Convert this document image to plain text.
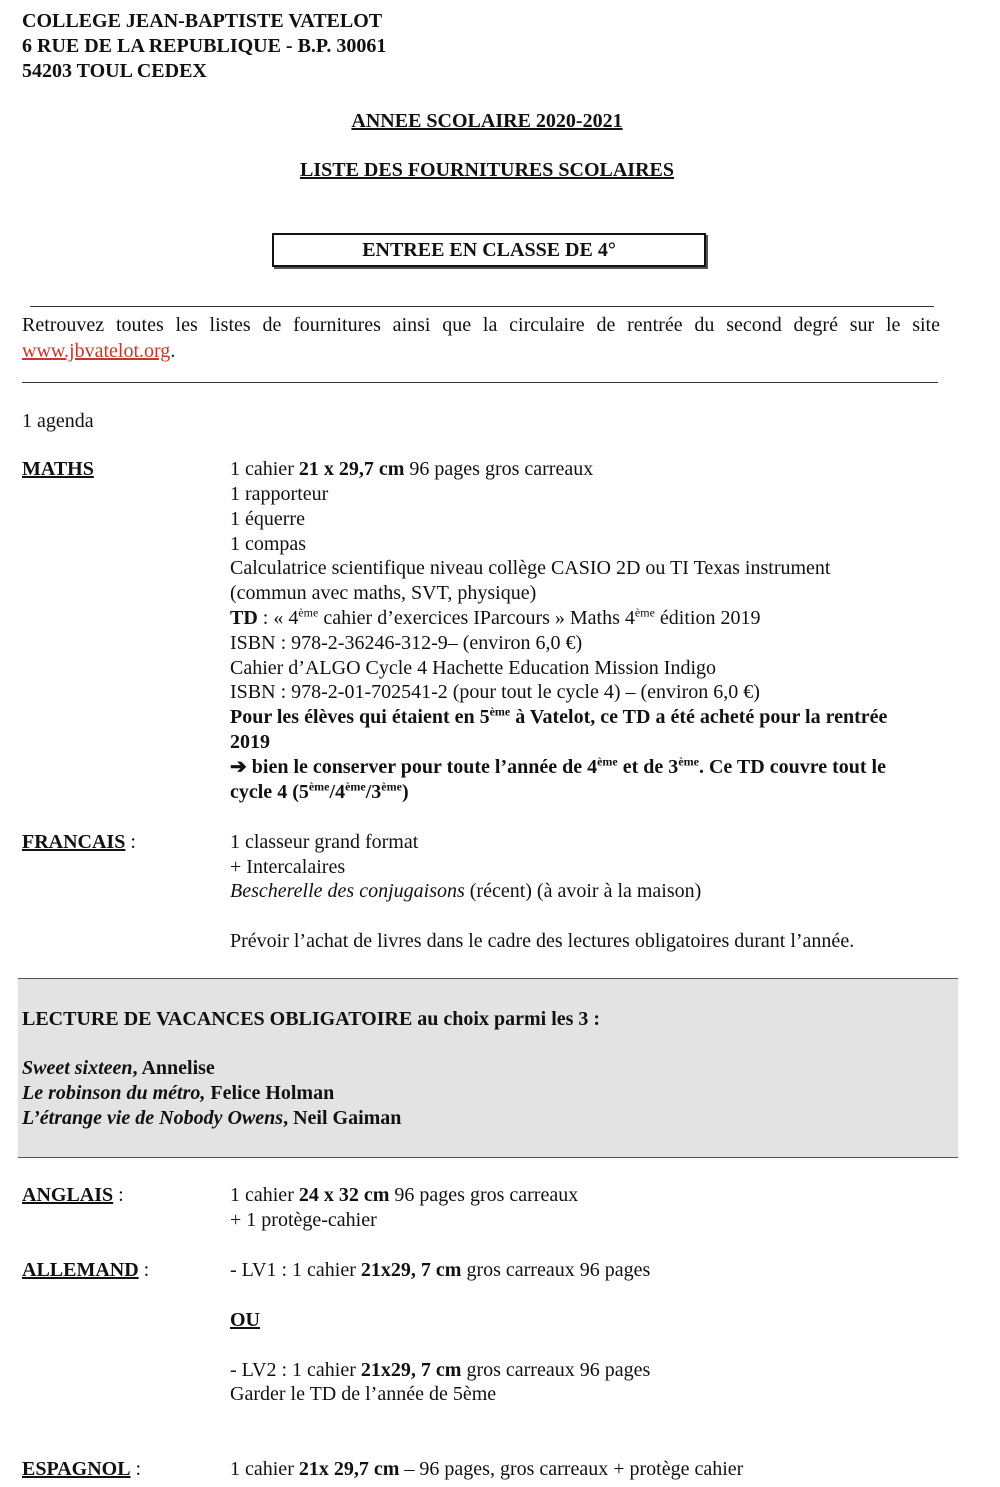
COLLEGE JEAN-BAPTISTE VATELOT
6 RUE DE LA REPUBLIQUE - B.P. 30061
54203 TOUL CEDEX
ANNEE SCOLAIRE 2020-2021
LISTE DES FOURNITURES SCOLAIRES
ENTREE EN CLASSE DE 4°
Retrouvez toutes les listes de fournitures ainsi que la circulaire de rentrée du second degré sur le site www.jbvatelot.org.
1 agenda
MATHS	1 cahier 21 x 29,7 cm 96 pages gros carreaux
1 rapporteur
1 équerre
1 compas
Calculatrice scientifique niveau collège CASIO 2D ou TI Texas instrument
(commun avec maths, SVT, physique)
TD : « 4ème cahier d’exercices IParcours » Maths 4ème édition 2019
ISBN : 978-2-36246-312-9– (environ 6,0 €)
Cahier d’ALGO Cycle 4 Hachette Education Mission Indigo
ISBN : 978-2-01-702541-2 (pour tout le cycle 4) – (environ 6,0 €)
Pour les élèves qui étaient en 5ème à Vatelot, ce TD a été acheté pour la rentrée
2019
➔ bien le conserver pour toute l’année de 4ème et de 3ème. Ce TD couvre tout le
cycle 4 (5ème/4ème/3ème)
FRANCAIS :	1 classeur grand format
+ Intercalaires
Bescherelle des conjugaisons (récent) (à avoir à la maison)
Prévoir l’achat de livres dans le cadre des lectures obligatoires durant l’année.
LECTURE DE VACANCES OBLIGATOIRE au choix parmi les 3 :
Sweet sixteen, Annelise
Le robinson du métro, Felice Holman
L’étrange vie de Nobody Owens, Neil Gaiman
ANGLAIS :	1 cahier 24 x 32 cm 96 pages gros carreaux
+ 1 protège-cahier
ALLEMAND :	- LV1 : 1 cahier 21x29, 7 cm gros carreaux 96 pages
OU
- LV2 : 1 cahier 21x29, 7 cm gros carreaux 96 pages
Garder le TD de l’année de 5ème
ESPAGNOL :	1 cahier 21x 29,7 cm – 96 pages, gros carreaux + protège cahier
